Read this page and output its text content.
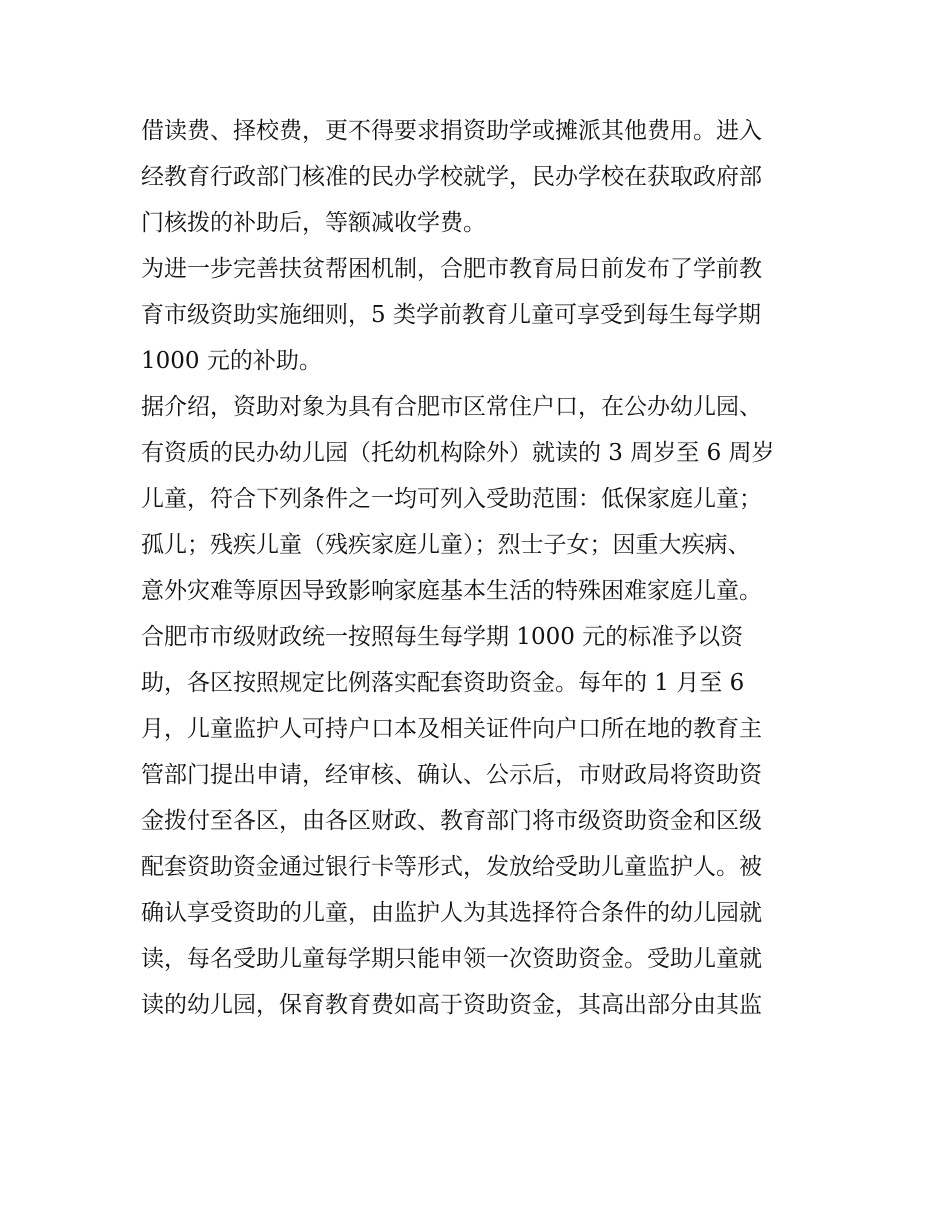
借读费、择校费，更不得要求捐资助学或摊派其他费用。进入
经教育行政部门核准的民办学校就学，民办学校在获取政府部
门核拨的补助后，等额减收学费。
为进一步完善扶贫帮困机制，合肥市教育局日前发布了学前教
育市级资助实施细则，5 类学前教育儿童可享受到每生每学期
1000 元的补助。
据介绍，资助对象为具有合肥市区常住户口，在公办幼儿园、
有资质的民办幼儿园（托幼机构除外）就读的 3 周岁至 6 周岁
儿童，符合下列条件之一均可列入受助范围：低保家庭儿童；
孤儿；残疾儿童（残疾家庭儿童）；烈士子女；因重大疾病、
意外灾难等原因导致影响家庭基本生活的特殊困难家庭儿童。
合肥市市级财政统一按照每生每学期 1000 元的标准予以资
助，各区按照规定比例落实配套资助资金。每年的 1 月至 6
月，儿童监护人可持户口本及相关证件向户口所在地的教育主
管部门提出申请，经审核、确认、公示后，市财政局将资助资
金拨付至各区，由各区财政、教育部门将市级资助资金和区级
配套资助资金通过银行卡等形式，发放给受助儿童监护人。被
确认享受资助的儿童，由监护人为其选择符合条件的幼儿园就
读，每名受助儿童每学期只能申领一次资助资金。受助儿童就
读的幼儿园，保育教育费如高于资助资金，其高出部分由其监
